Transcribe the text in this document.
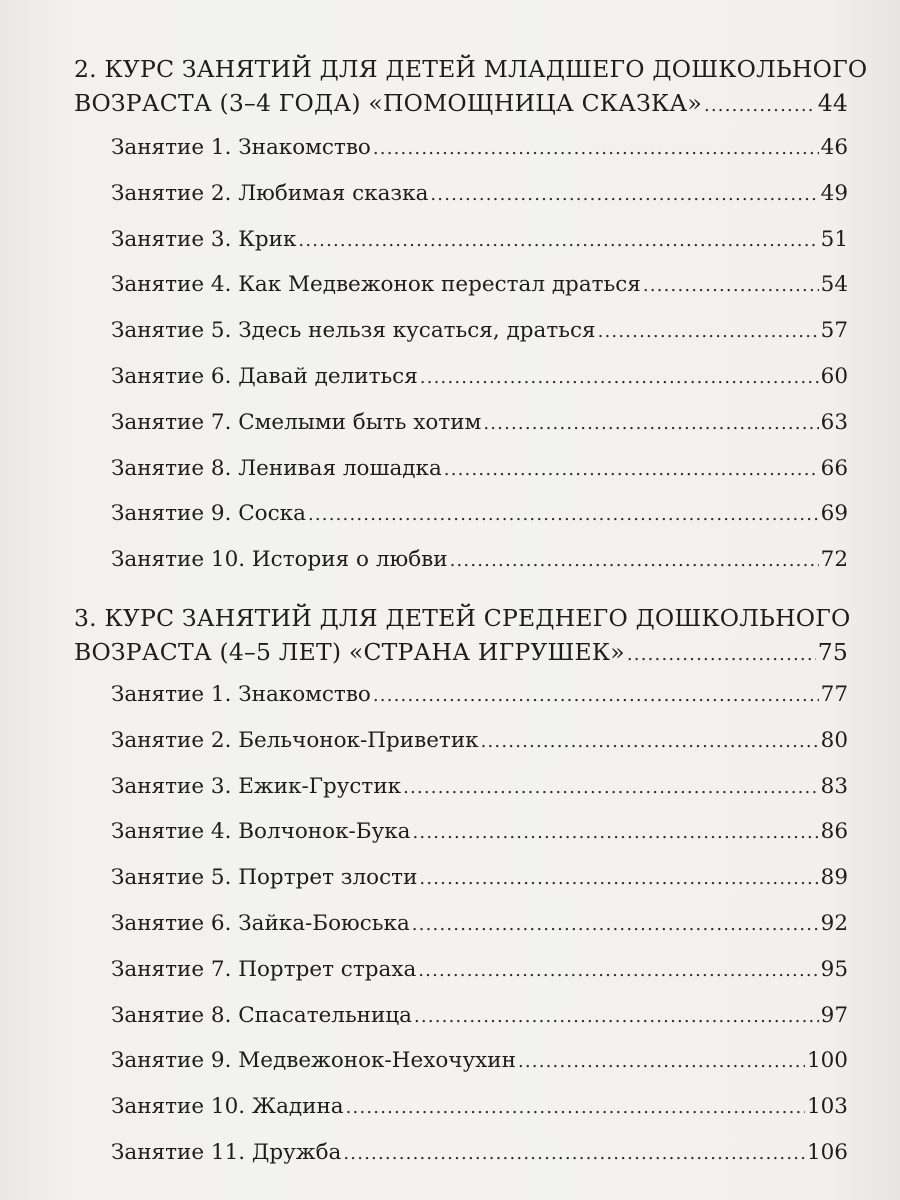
2. КУРС ЗАНЯТИЙ ДЛЯ ДЕТЕЙ МЛАДШЕГО ДОШКОЛЬНОГО
ВОЗРАСТА (3–4 ГОДА) «ПОМОЩНИЦА СКАЗКА» .....	44
Занятие 1. Знакомство .....	46
Занятие 2. Любимая сказка .....	49
Занятие 3. Крик .....	51
Занятие 4. Как Медвежонок перестал драться .....	54
Занятие 5. Здесь нельзя кусаться, драться .....	57
Занятие 6. Давай делиться .....	60
Занятие 7. Смелыми быть хотим .....	63
Занятие 8. Ленивая лошадка .....	66
Занятие 9. Соска .....	69
Занятие 10. История о любви .....	72
3. КУРС ЗАНЯТИЙ ДЛЯ ДЕТЕЙ СРЕДНЕГО ДОШКОЛЬНОГО
ВОЗРАСТА (4–5 ЛЕТ) «СТРАНА ИГРУШЕК» .....	75
Занятие 1. Знакомство .....	77
Занятие 2. Бельчонок-Приветик .....	80
Занятие 3. Ежик-Грустик .....	83
Занятие 4. Волчонок-Бука .....	86
Занятие 5. Портрет злости .....	89
Занятие 6. Зайка-Боюська .....	92
Занятие 7. Портрет страха .....	95
Занятие 8. Спасательница .....	97
Занятие 9. Медвежонок-Нехочухин .....	100
Занятие 10. Жадина .....	103
Занятие 11. Дружба .....	106
